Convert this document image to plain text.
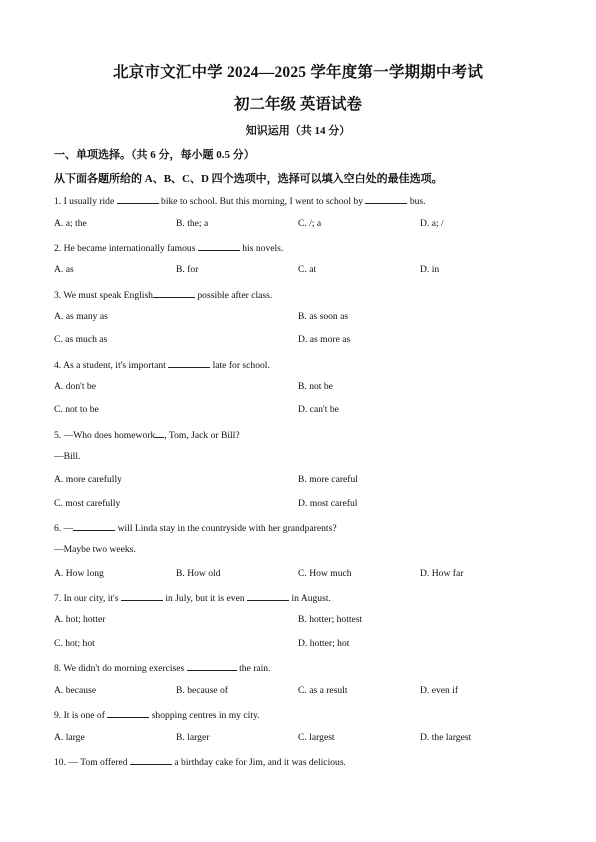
北京市文汇中学 2024—2025 学年度第一学期期中考试
初二年级 英语试卷
知识运用（共 14 分）
一、单项选择。（共 6 分，每小题 0.5 分）
从下面各题所给的 A、B、C、D 四个选项中，选择可以填入空白处的最佳选项。
1. I usually ride	bike to school. But this morning, I went to school by	bus.
A. a; the	B. the; a	C. /; a	D. a; /
2. He became internationally famous	his novels.
A. as	B. for	C. at	D. in
3. We must speak English	possible after class.
A. as many as	B. as soon as
C. as much as	D. as more as
4. As a student, it's important	late for school.
A. don't be	B. not be
C. not to be	D. can't be
5. —Who does homework , Tom, Jack or Bill?
—Bill.
A. more carefully	B. more careful
C. most carefully	D. most careful
6. —	will Linda stay in the countryside with her grandparents?
—Maybe two weeks.
A. How long	B. How old	C. How much	D. How far
7. In our city, it's	in July, but it is even	in August.
A. hot; hotter	B. hotter; hottest
C. hot; hot	D. hotter; hot
8. We didn't do morning exercises	the rain.
A. because	B. because of	C. as a result	D. even if
9. It is one of	shopping centres in my city.
A. large	B. larger	C. largest	D. the largest
10. — Tom offered	a birthday cake for Jim, and it was delicious.
